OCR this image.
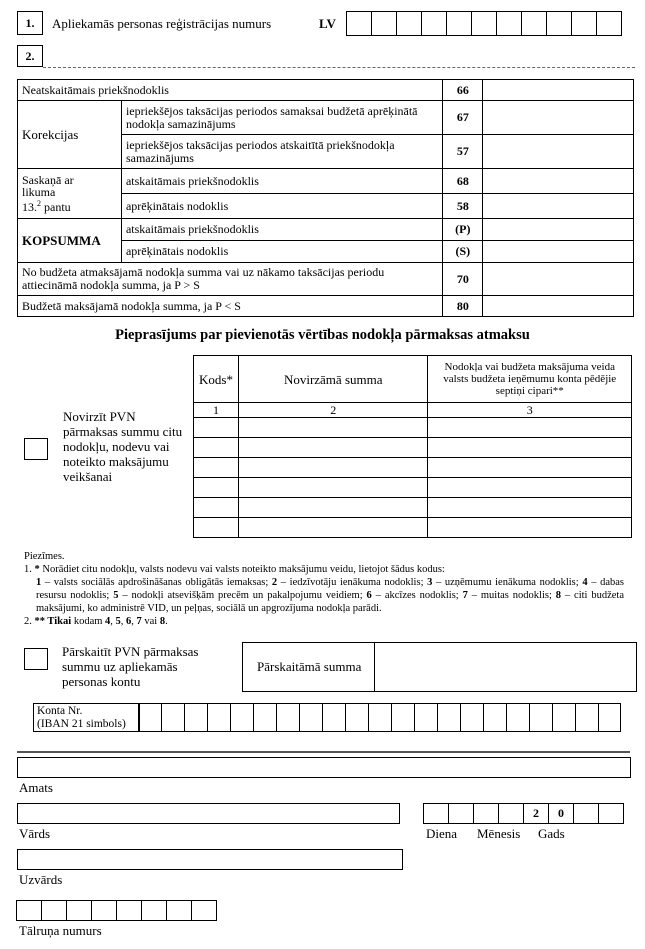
1. Apliekamās personas reģistrācijas numurs	LV
2.
Neatskaitāmais priekšnodoklis		66	
Korekcijas	iepriekšējos taksācijas periodos samaksai budžetā aprēķinātā nodokļa samazinājums	67	
	iepriekšējos taksācijas periodos atskaitītā priekšnodokļa samazinājums	57	
Saskaņā ar
likuma
13.$^2$ pantu	atskaitāmais priekšnodoklis	68	
	aprēķinātais nodoklis	58	
KOPSUMMA	atskaitāmais priekšnodoklis	(P)	
	aprēķinātais nodoklis	(S)	
No budžeta atmaksājamā nodokļa summa vai uz nākamo taksācijas periodu attiecināmā nodokļa summa, ja P > S		70	
Budžetā maksājamā nodokļa summa, ja P < S		80	
Pieprasījums par pievienotās vērtības nodokļa pārmaksas atmaksu
Novirzīt PVN pārmaksas summu citu nodokļu, nodevu vai noteikto maksājumu veikšanai
Kods*	Novirzāmā summa	Nodokļa vai budžeta maksājuma veida valsts budžeta ieņēmumu konta pēdējie septiņi cipari**
1	2	3

Piezīmes.
1. * Norādiet citu nodokļu, valsts nodevu vai valsts noteikto maksājumu veidu, lietojot šādus kodus:
1 – valsts sociālās apdrošināšanas obligātās iemaksas; 2 – iedzīvotāju ienākuma nodoklis; 3 – uzņēmumu ienākuma nodoklis; 4 – dabas resursu nodoklis; 5 – nodokļi atsevišķām precēm un pakalpojumu veidiem; 6 – akcīzes nodoklis; 7 – muitas nodoklis; 8 – citi budžeta maksājumi, ko administrē VID, un peļņas, sociālā un apgrozījuma nodokļa parādi.
2. ** Tikai kodam 4, 5, 6, 7 vai 8.
Pārskaitīt PVN pārmaksas summu uz apliekamās personas kontu
Pārskaitāmā summa
Konta Nr.
(IBAN 21 simbols)
Amats
Vārds
2	0
Diena Mēnesis Gads
Uzvārds
Tālruņa numurs
